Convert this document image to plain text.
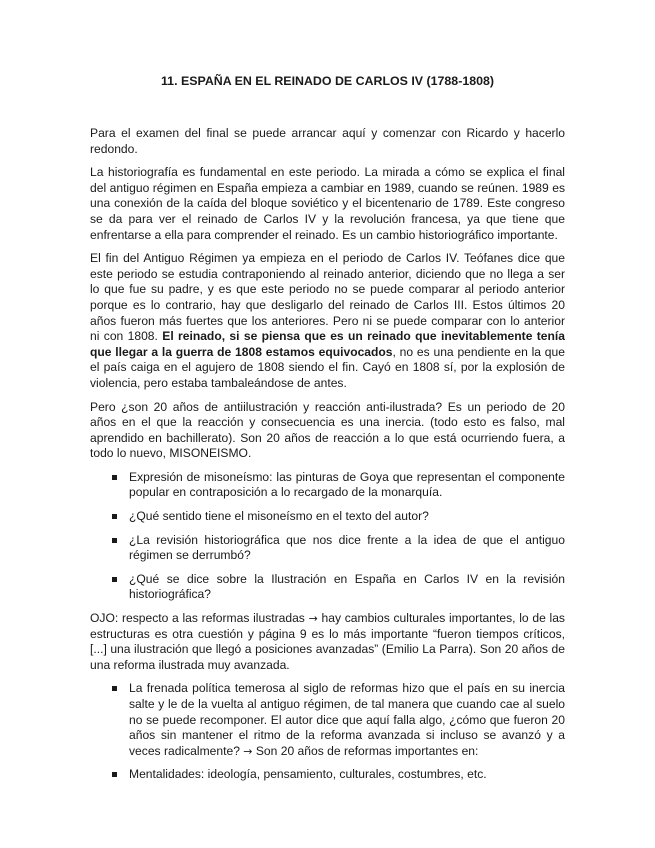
11. ESPAÑA EN EL REINADO DE CARLOS IV (1788-1808)

Para el examen del final se puede arrancar aquí y comenzar con Ricardo y hacerlo redondo.

La historiografía es fundamental en este periodo. La mirada a cómo se explica el final del antiguo régimen en España empieza a cambiar en 1989, cuando se reúnen. 1989 es una conexión de la caída del bloque soviético y el bicentenario de 1789. Este congreso se da para ver el reinado de Carlos IV y la revolución francesa, ya que tiene que enfrentarse a ella para comprender el reinado. Es un cambio historiográfico importante.

El fin del Antiguo Régimen ya empieza en el periodo de Carlos IV. Teófanes dice que este periodo se estudia contraponiendo al reinado anterior, diciendo que no llega a ser lo que fue su padre, y es que este periodo no se puede comparar al periodo anterior porque es lo contrario, hay que desligarlo del reinado de Carlos III. Estos últimos 20 años fueron más fuertes que los anteriores. Pero ni se puede comparar con lo anterior ni con 1808. El reinado, si se piensa que es un reinado que inevitablemente tenía que llegar a la guerra de 1808 estamos equivocados, no es una pendiente en la que el país caiga en el agujero de 1808 siendo el fin. Cayó en 1808 sí, por la explosión de violencia, pero estaba tambaleándose de antes.

Pero ¿son 20 años de antiilustración y reacción anti-ilustrada? Es un periodo de 20 años en el que la reacción y consecuencia es una inercia. (todo esto es falso, mal aprendido en bachillerato). Son 20 años de reacción a lo que está ocurriendo fuera, a todo lo nuevo, MISONEISMO.

Expresión de misoneísmo: las pinturas de Goya que representan el componente popular en contraposición a lo recargado de la monarquía.
¿Qué sentido tiene el misoneísmo en el texto del autor?
¿La revisión historiográfica que nos dice frente a la idea de que el antiguo régimen se derrumbó?
¿Qué se dice sobre la Ilustración en España en Carlos IV en la revisión historiográfica?

OJO: respecto a las reformas ilustradas → hay cambios culturales importantes, lo de las estructuras es otra cuestión y página 9 es lo más importante “fueron tiempos críticos, [...] una ilustración que llegó a posiciones avanzadas” (Emilio La Parra). Son 20 años de una reforma ilustrada muy avanzada.

La frenada política temerosa al siglo de reformas hizo que el país en su inercia salte y le de la vuelta al antiguo régimen, de tal manera que cuando cae al suelo no se puede recomponer. El autor dice que aquí falla algo, ¿cómo que fueron 20 años sin mantener el ritmo de la reforma avanzada si incluso se avanzó y a veces radicalmente? → Son 20 años de reformas importantes en:
Mentalidades: ideología, pensamiento, culturales, costumbres, etc.
